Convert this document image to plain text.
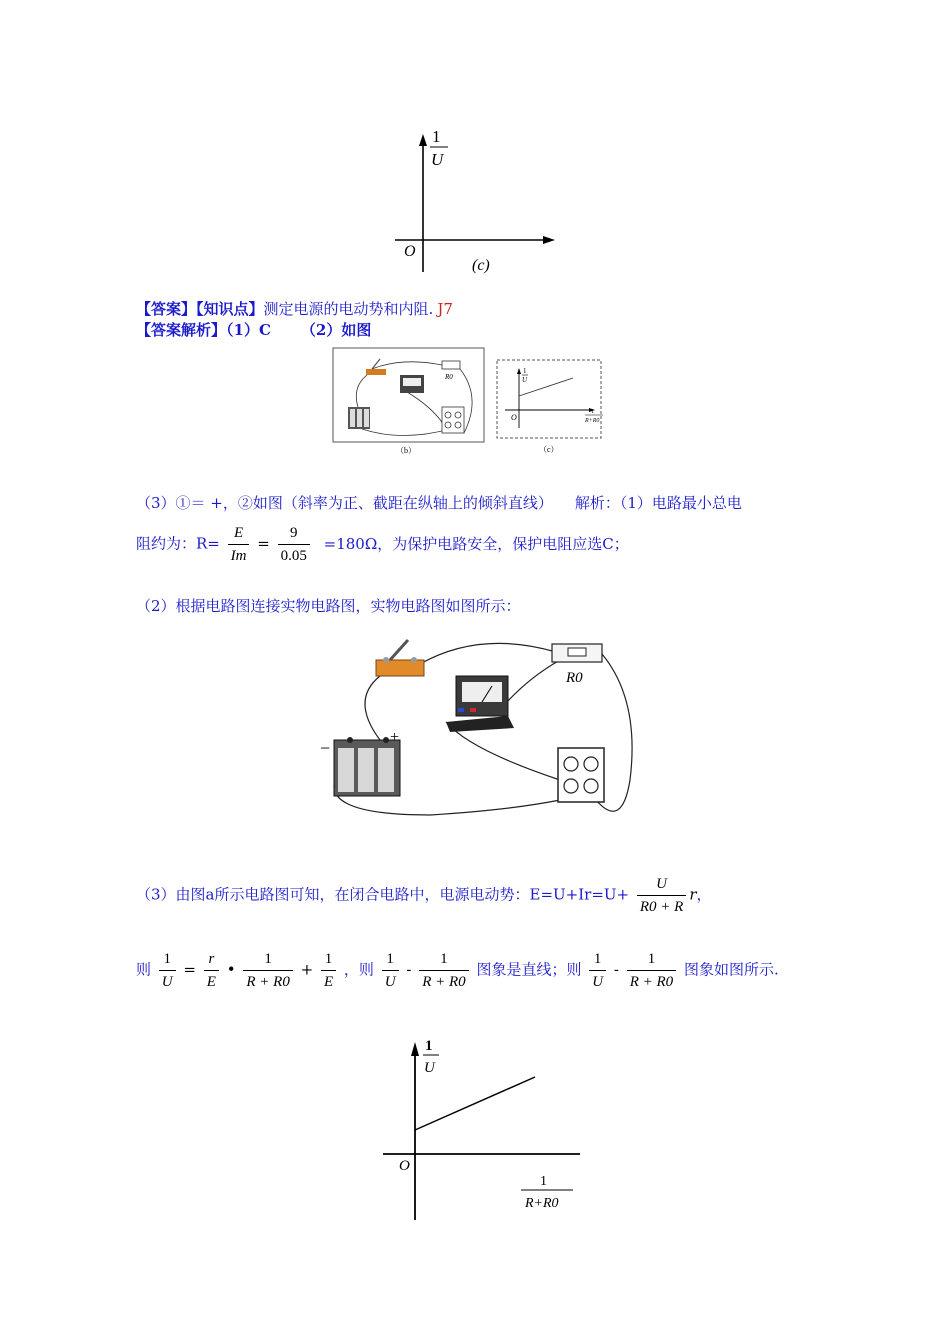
1
U
O
(c)
【答案】【知识点】测定电源的电动势和内阻. J7
【答案解析】（1）C （2）如图
R0
（b）
1
U
O
1
R+R0
（c）
（3）①＝ +，②如图（斜率为正、截距在纵轴上的倾斜直线） 解析：（1）电路最小总电
阻约为：$R= \frac{E}{Im} = \frac{9}{0.05} =180\Omega$，为保护电路安全，保护电阻应选C；
（2）根据电路图连接实物电路图，实物电路图如图所示：
R0
−
+
（3）由图a所示电路图可知，在闭合电路中，电源电动势：$E=U+Ir=U+ \frac{U}{R0 + R}$ r，
则 $\frac{1}{U} = \frac{r}{E}$ • $\frac{1}{R + R0} + \frac{1}{E}$ ，则 $\frac{1}{U} - \frac{1}{R + R0}$ 图象是直线；则 $\frac{1}{U} - \frac{1}{R + R0}$ 图象如图所示.
1
U
O
1
R+R0
